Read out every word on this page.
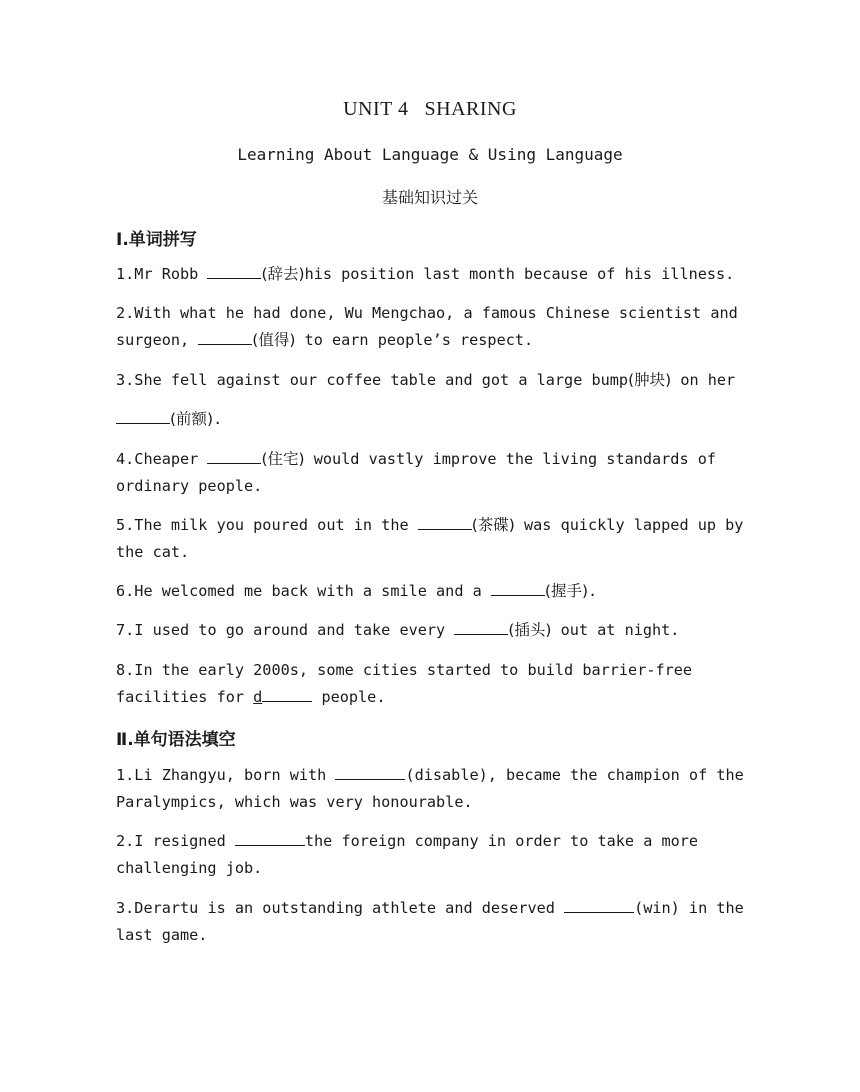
UNIT 4 SHARING
Learning About Language & Using Language
基础知识过关
Ⅰ.单词拼写
1.Mr Robb	(辞去)his position last month because of his illness.
2.With what he had done, Wu Mengchao, a famous Chinese scientist and
surgeon,	(值得) to earn people’s respect.
3.She fell against our coffee table and got a large bump(肿块) on her
(前额).
4.Cheaper	(住宅) would vastly improve the living standards of
ordinary people.
5.The milk you poured out in the	(茶碟) was quickly lapped up by
the cat.
6.He welcomed me back with a smile and a	(握手).
7.I used to go around and take every	(插头) out at night.
8.In the early 2000s, some cities started to build barrier-free
facilities for d	people.
Ⅱ.单句语法填空
1.Li Zhangyu, born with	(disable), became the champion of the
Paralympics, which was very honourable.
2.I resigned	the foreign company in order to take a more
challenging job.
3.Derartu is an outstanding athlete and deserved	(win) in the
last game.
